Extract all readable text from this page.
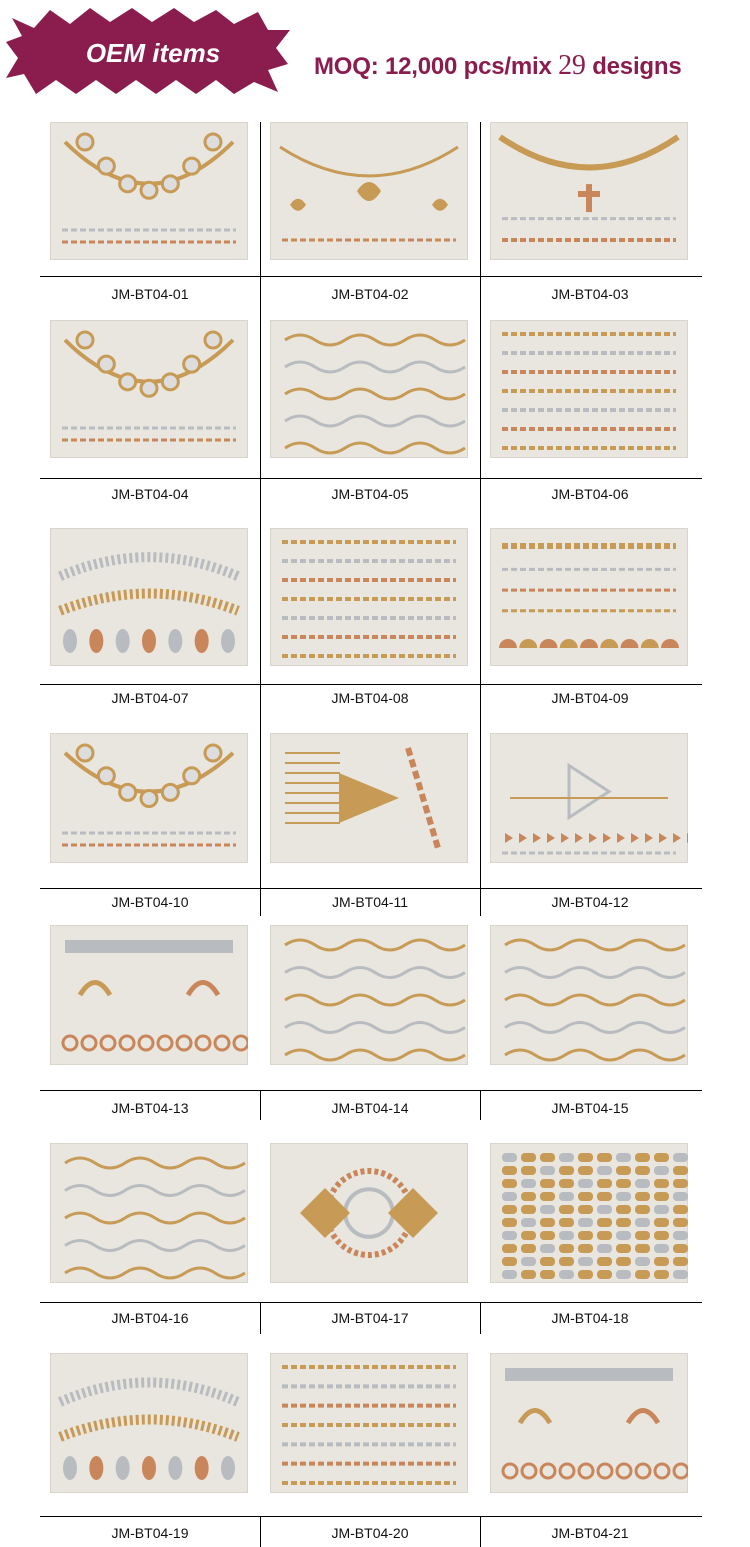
OEM items	MOQ: 12,000 pcs/mix 29 designs
JM-BT04-01	JM-BT04-02	JM-BT04-03
JM-BT04-04	JM-BT04-05	JM-BT04-06
JM-BT04-07	JM-BT04-08	JM-BT04-09
JM-BT04-10	JM-BT04-11	JM-BT04-12
JM-BT04-13	JM-BT04-14	JM-BT04-15
JM-BT04-16	JM-BT04-17	JM-BT04-18
JM-BT04-19	JM-BT04-20	JM-BT04-21
